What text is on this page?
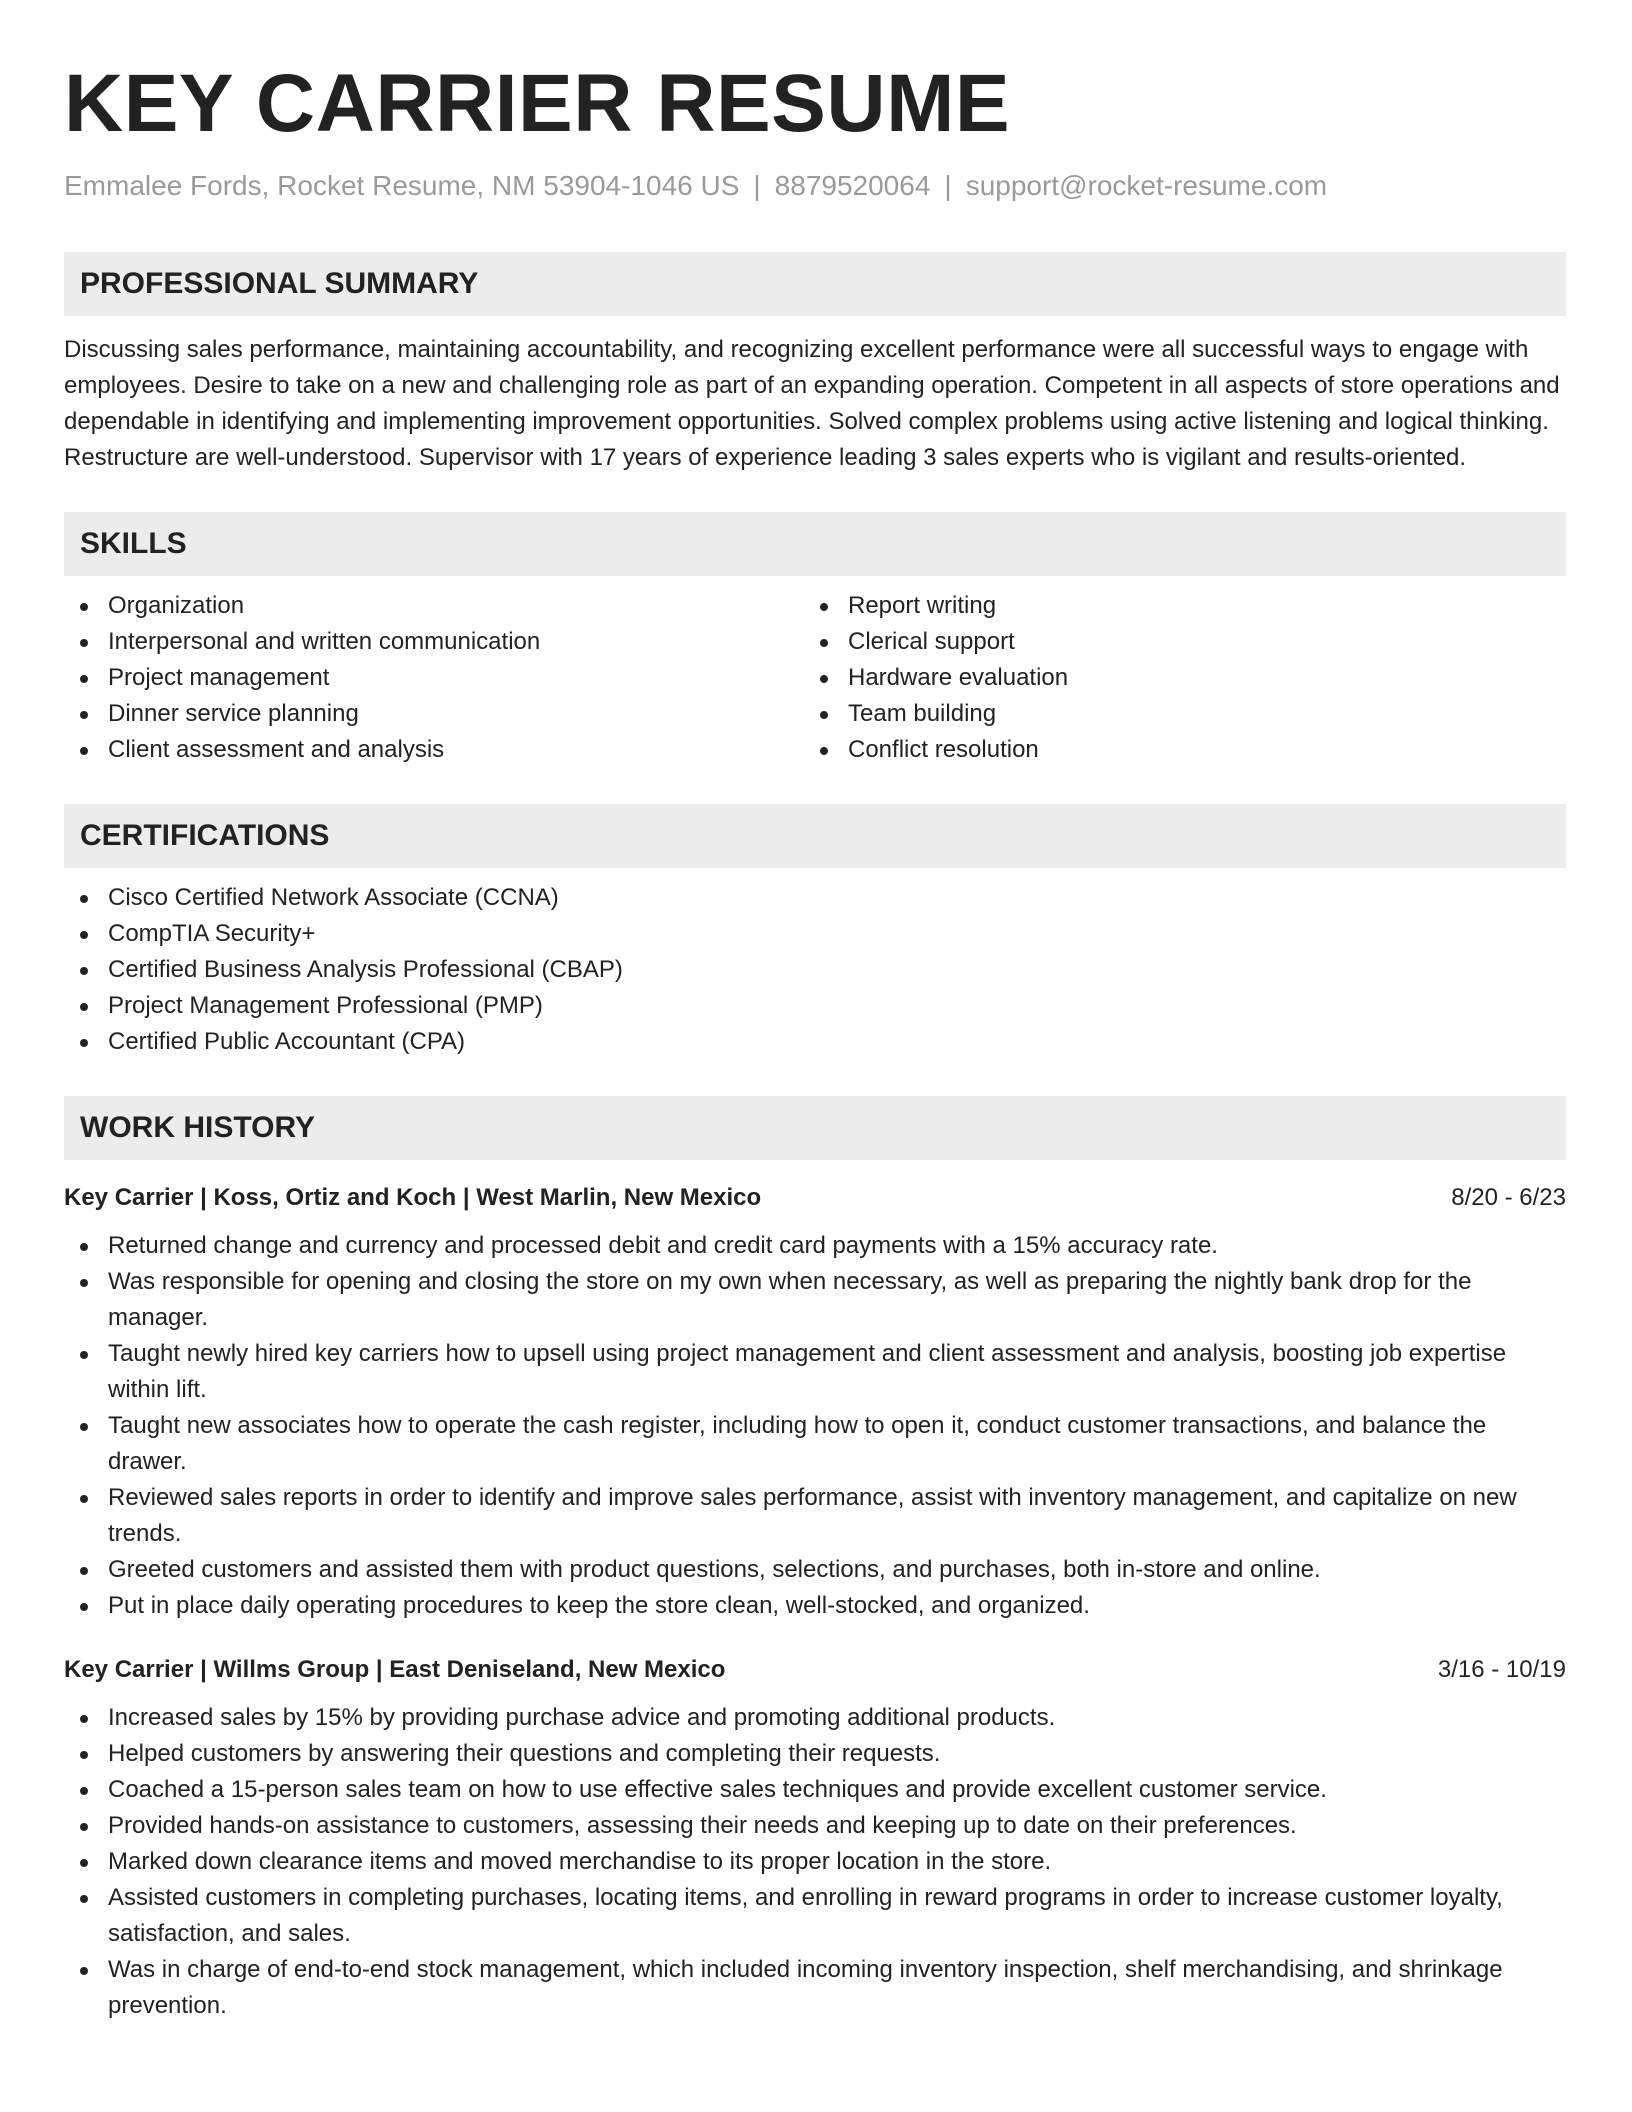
KEY CARRIER RESUME
Emmalee Fords, Rocket Resume, NM 53904-1046 US | 8879520064 | support@rocket-resume.com
PROFESSIONAL SUMMARY
Discussing sales performance, maintaining accountability, and recognizing excellent performance were all successful ways to engage with employees. Desire to take on a new and challenging role as part of an expanding operation. Competent in all aspects of store operations and dependable in identifying and implementing improvement opportunities. Solved complex problems using active listening and logical thinking. Restructure are well-understood. Supervisor with 17 years of experience leading 3 sales experts who is vigilant and results-oriented.
SKILLS
Organization
Interpersonal and written communication
Project management
Dinner service planning
Client assessment and analysis
Report writing
Clerical support
Hardware evaluation
Team building
Conflict resolution
CERTIFICATIONS
Cisco Certified Network Associate (CCNA)
CompTIA Security+
Certified Business Analysis Professional (CBAP)
Project Management Professional (PMP)
Certified Public Accountant (CPA)
WORK HISTORY
Key Carrier | Koss, Ortiz and Koch | West Marlin, New Mexico	8/20 - 6/23
Returned change and currency and processed debit and credit card payments with a 15% accuracy rate.
Was responsible for opening and closing the store on my own when necessary, as well as preparing the nightly bank drop for the manager.
Taught newly hired key carriers how to upsell using project management and client assessment and analysis, boosting job expertise within lift.
Taught new associates how to operate the cash register, including how to open it, conduct customer transactions, and balance the drawer.
Reviewed sales reports in order to identify and improve sales performance, assist with inventory management, and capitalize on new trends.
Greeted customers and assisted them with product questions, selections, and purchases, both in-store and online.
Put in place daily operating procedures to keep the store clean, well-stocked, and organized.
Key Carrier | Willms Group | East Deniseland, New Mexico	3/16 - 10/19
Increased sales by 15% by providing purchase advice and promoting additional products.
Helped customers by answering their questions and completing their requests.
Coached a 15-person sales team on how to use effective sales techniques and provide excellent customer service.
Provided hands-on assistance to customers, assessing their needs and keeping up to date on their preferences.
Marked down clearance items and moved merchandise to its proper location in the store.
Assisted customers in completing purchases, locating items, and enrolling in reward programs in order to increase customer loyalty, satisfaction, and sales.
Was in charge of end-to-end stock management, which included incoming inventory inspection, shelf merchandising, and shrinkage prevention.
